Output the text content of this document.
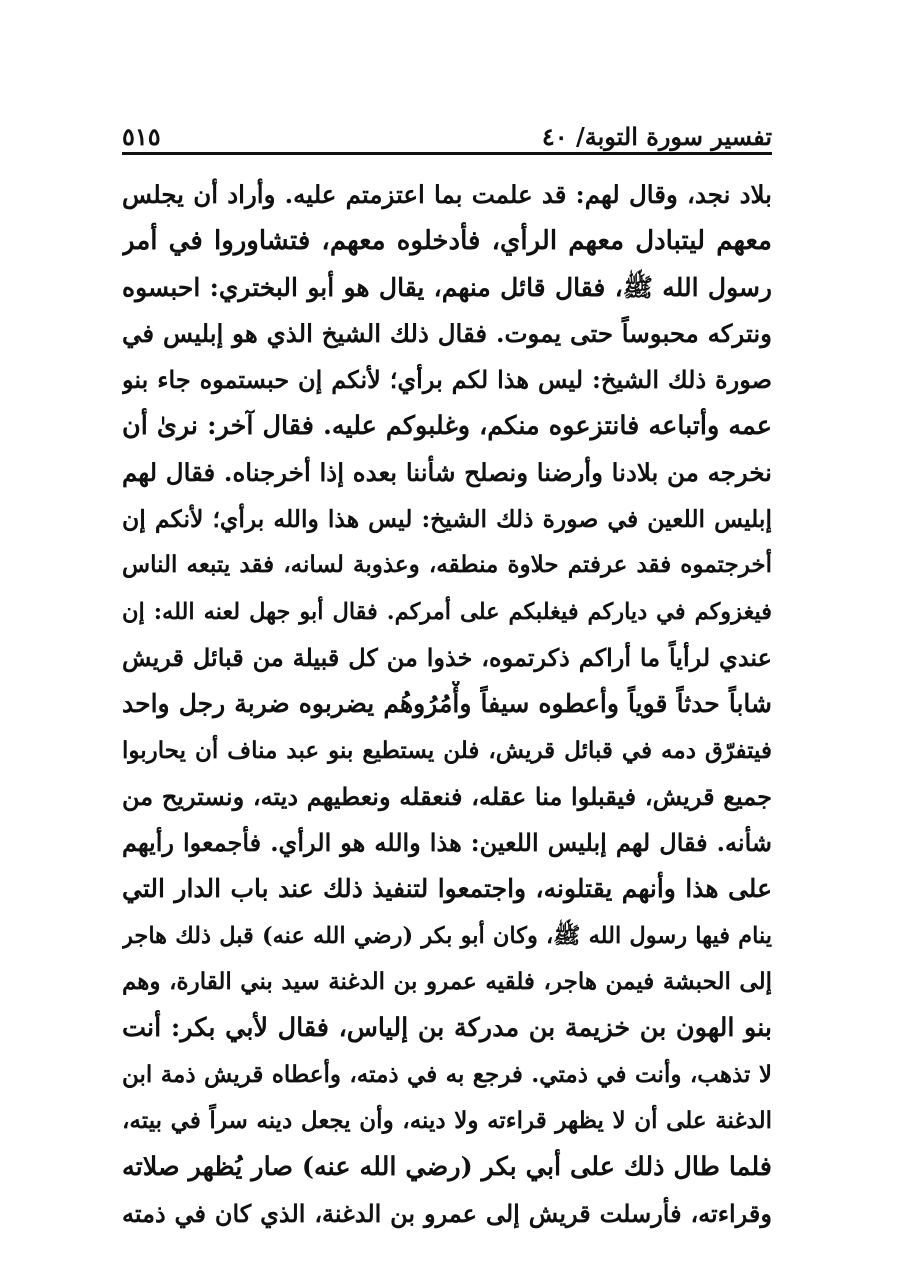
تفسير سورة التوبة/ ٤٠
٥١٥
بلاد نجد، وقال لهم: قد علمت بما اعتزمتم عليه. وأراد أن يجلس
معهم ليتبادل معهم الرأي، فأدخلوه معهم، فتشاوروا في أمر
رسول الله ﷺ، فقال قائل منهم، يقال هو أبو البختري: احبسوه
ونتركه محبوساً حتى يموت. فقال ذلك الشيخ الذي هو إبليس في
صورة ذلك الشيخ: ليس هذا لكم برأي؛ لأنكم إن حبستموه جاء بنو
عمه وأتباعه فانتزعوه منكم، وغلبوكم عليه. فقال آخر: نرىٰ أن
نخرجه من بلادنا وأرضنا ونصلح شأننا بعده إذا أخرجناه. فقال لهم
إبليس اللعين في صورة ذلك الشيخ: ليس هذا والله برأي؛ لأنكم إن
أخرجتموه فقد عرفتم حلاوة منطقه، وعذوبة لسانه، فقد يتبعه الناس
فيغزوكم في دياركم فيغلبكم على أمركم. فقال أبو جهل لعنه الله: إن
عندي لرأياً ما أراكم ذكرتموه، خذوا من كل قبيلة من قبائل قريش
شاباً حدثاً قوياً وأعطوه سيفاً وأْمُرُوهُم يضربوه ضربة رجل واحد
فيتفرّق دمه في قبائل قريش، فلن يستطيع بنو عبد مناف أن يحاربوا
جميع قريش، فيقبلوا منا عقله، فنعقله ونعطيهم ديته، ونستريح من
شأنه. فقال لهم إبليس اللعين: هذا والله هو الرأي. فأجمعوا رأيهم
على هذا وأنهم يقتلونه، واجتمعوا لتنفيذ ذلك عند باب الدار التي
ينام فيها رسول الله ﷺ، وكان أبو بكر (رضي الله عنه) قبل ذلك هاجر
إلى الحبشة فيمن هاجر، فلقيه عمرو بن الدغنة سيد بني القارة، وهم
بنو الهون بن خزيمة بن مدركة بن إلياس، فقال لأبي بكر: أنت
لا تذهب، وأنت في ذمتي. فرجع به في ذمته، وأعطاه قريش ذمة ابن
الدغنة على أن لا يظهر قراءته ولا دينه، وأن يجعل دينه سراً في بيته،
فلما طال ذلك على أبي بكر (رضي الله عنه) صار يُظهر صلاته
وقراءته، فأرسلت قريش إلى عمرو بن الدغنة، الذي كان في ذمته
